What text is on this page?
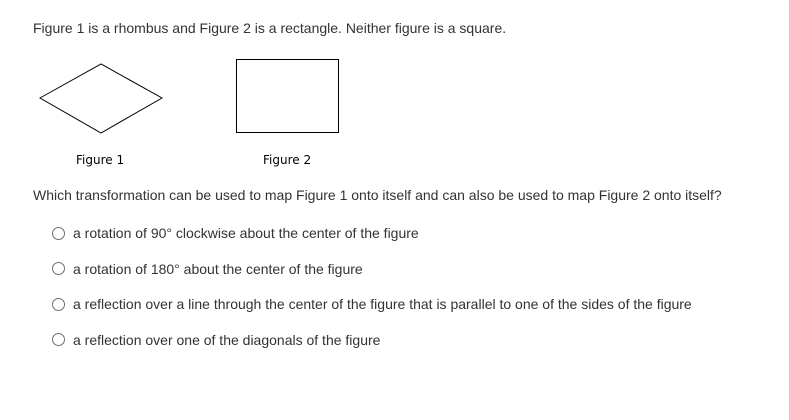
Figure 1 is a rhombus and Figure 2 is a rectangle. Neither figure is a square.
Figure 1	Figure 2
Which transformation can be used to map Figure 1 onto itself and can also be used to map Figure 2 onto itself?
a rotation of 90° clockwise about the center of the figure
a rotation of 180° about the center of the figure
a reflection over a line through the center of the figure that is parallel to one of the sides of the figure
a reflection over one of the diagonals of the figure
